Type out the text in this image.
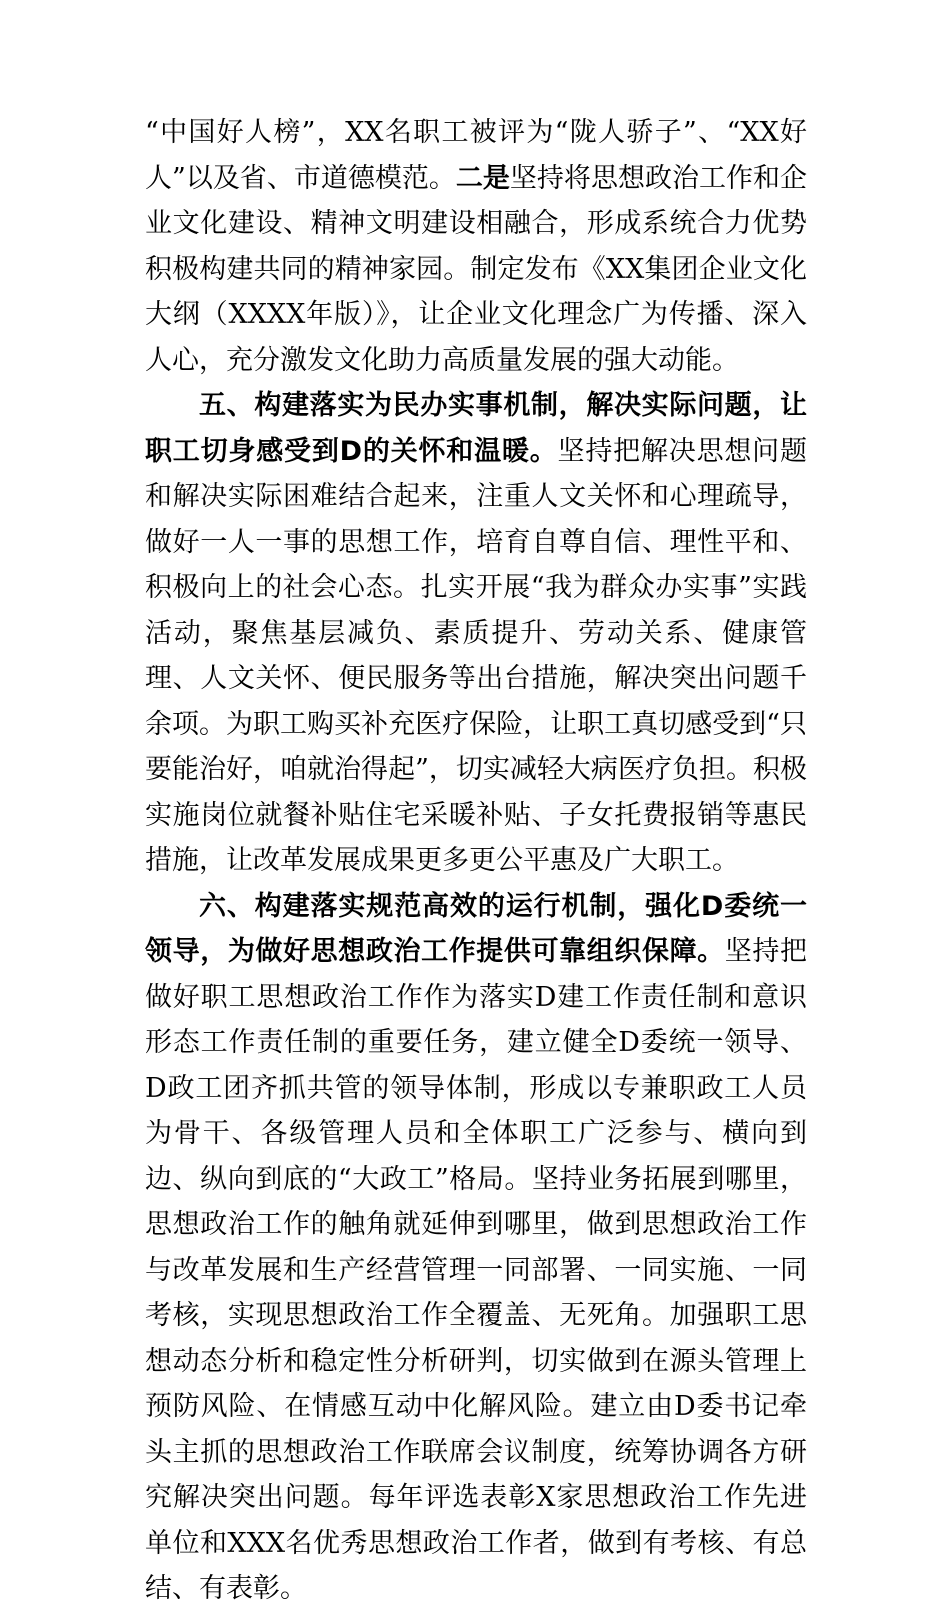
“中国好人榜”，XX名职工被评为“陇人骄子”、“XX好人”以及省、市道德模范。二是坚持将思想政治工作和企业文化建设、精神文明建设相融合，形成系统合力优势积极构建共同的精神家园。制定发布《XX集团企业文化大纲（XXXX年版）》，让企业文化理念广为传播、深入人心，充分激发文化助力高质量发展的强大动能。

五、构建落实为民办实事机制，解决实际问题，让职工切身感受到D的关怀和温暖。坚持把解决思想问题和解决实际困难结合起来，注重人文关怀和心理疏导，做好一人一事的思想工作，培育自尊自信、理性平和、积极向上的社会心态。扎实开展“我为群众办实事”实践活动，聚焦基层减负、素质提升、劳动关系、健康管理、人文关怀、便民服务等出台措施，解决突出问题千余项。为职工购买补充医疗保险，让职工真切感受到“只要能治好，咱就治得起”，切实减轻大病医疗负担。积极实施岗位就餐补贴住宅采暖补贴、子女托费报销等惠民措施，让改革发展成果更多更公平惠及广大职工。

六、构建落实规范高效的运行机制，强化D委统一领导，为做好思想政治工作提供可靠组织保障。坚持把做好职工思想政治工作作为落实D建工作责任制和意识形态工作责任制的重要任务，建立健全D委统一领导、D政工团齐抓共管的领导体制，形成以专兼职政工人员为骨干、各级管理人员和全体职工广泛参与、横向到边、纵向到底的“大政工”格局。坚持业务拓展到哪里，思想政治工作的触角就延伸到哪里，做到思想政治工作与改革发展和生产经营管理一同部署、一同实施、一同考核，实现思想政治工作全覆盖、无死角。加强职工思想动态分析和稳定性分析研判，切实做到在源头管理上预防风险、在情感互动中化解风险。建立由D委书记牵头主抓的思想政治工作联席会议制度，统筹协调各方研究解决突出问题。每年评选表彰X家思想政治工作先进单位和XXX名优秀思想政治工作者，做到有考核、有总结、有表彰。
